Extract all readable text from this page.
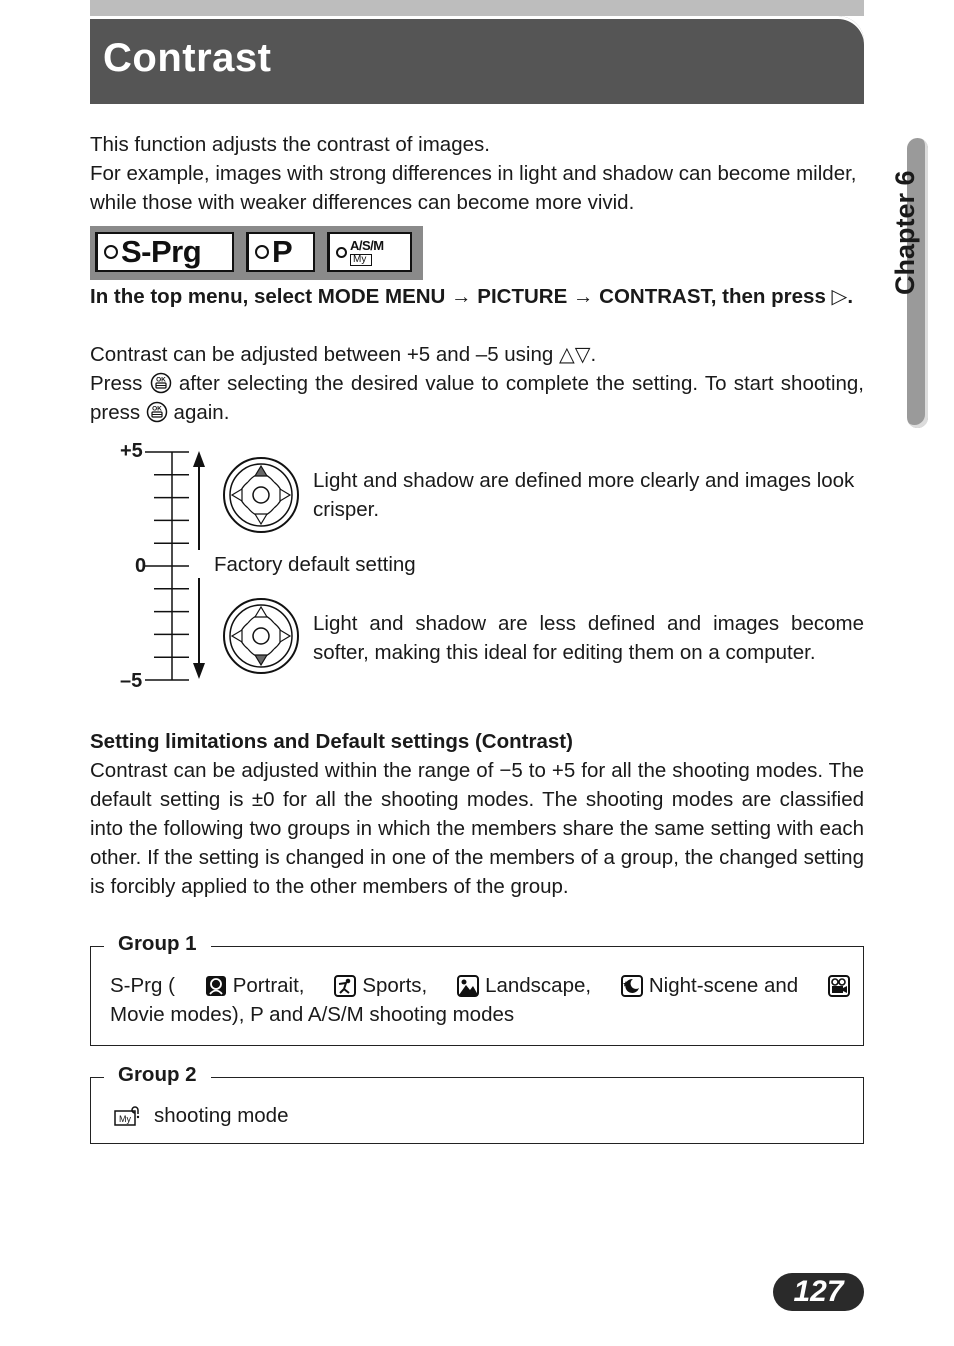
Contrast
Chapter 6

This function adjusts the contrast of images.

For example, images with strong differences in light and shadow can become milder, while those with weaker differences can become more vivid.

S-Prg P	A/S/M
My

In the top menu, select MODE MENU → PICTURE → CONTRAST, then press ▷.

Contrast can be adjusted between +5 and –5 using △▽.

Press OK after selecting the desired value to complete the setting. To start shooting, press OK again.

+5
0
–5
Light and shadow are defined more clearly and images look crisper.
Factory default setting
Light and shadow are less defined and images become softer, making this ideal for editing them on a computer.

Setting limitations and Default settings (Contrast)

Contrast can be adjusted within the range of −5 to +5 for all the shooting modes. The default setting is ±0 for all the shooting modes. The shooting modes are classified into the following two groups in which the members share the same setting with each other. If the setting is changed in one of the members of a group, the changed setting is forcibly applied to the other members of the group.

Group 1
S-Prg (	Portrait,	Sports,	Landscape,	Night-scene and
Movie modes), P and A/S/M shooting modes
Group 2
My shooting mode
127
